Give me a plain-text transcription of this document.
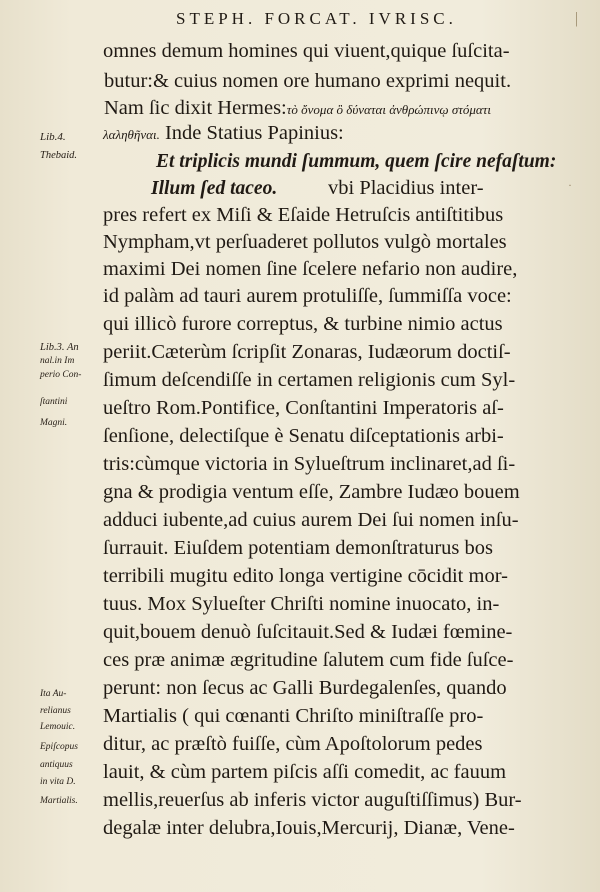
STEPH. FORCAT. IVRISC.
omnes demum homines qui viuent,quique ſuſcita-
butur:& cuius nomen ore humano exprimi nequit.
Nam ſic dixit Hermes:τὸ ὄνομα ὃ δύναται ἀνθρώπινῳ στόματι
λαληθῆναι. Inde Statius Papinius:
Et triplicis mundi ſummum, quem ſcire nefaſtum:
Illum ſed taceo. vbi Placidius inter-
pres refert ex Miſi & Eſaide Hetruſcis antiſtitibus
Nympham,vt perſuaderet pollutos vulgò mortales
maximi Dei nomen ſine ſcelere nefario non audire,
id palàm ad tauri aurem protuliſſe, ſummiſſa voce:
qui illicò furore correptus, & turbine nimio actus
periit.Cæterùm ſcripſit Zonaras, Iudæorum doctiſ-
ſimum deſcendiſſe in certamen religionis cum Syl-
ueſtro Rom.Pontifice, Conſtantini Imperatoris aſ-
ſenſione, delectiſque è Senatu diſceptationis arbi-
tris:cùmque victoria in Sylueſtrum inclinaret,ad ſi-
gna & prodigia ventum eſſe, Zambre Iudæo bouem
adduci iubente,ad cuius aurem Dei ſui nomen inſu-
ſurrauit. Eiuſdem potentiam demonſtraturus bos
terribili mugitu edito longa vertigine cōcidit mor-
tuus. Mox Sylueſter Chriſti nomine inuocato, in-
quit,bouem denuò ſuſcitauit.Sed & Iudæi fœmine-
ces præ animæ ægritudine ſalutem cum fide ſuſce-
perunt: non ſecus ac Galli Burdegalenſes, quando
Martialis ( qui cœnanti Chriſto miniſtraſſe pro-
ditur, ac præſtò fuiſſe, cùm Apoſtolorum pedes
lauit, & cùm partem piſcis aſſi comedit, ac fauum
mellis,reuerſus ab inferis victor auguſtiſſimus) Bur-
degalæ inter delubra,Iouis,Mercurij, Dianæ, Vene-
Lib.4.
Thebaid.
Lib.3. An
nal.in Im
perio Con-
ſtantini
Magni.
Ita Au-
relianus
Lemouic.
Epiſcopus
antiquus
in vita D.
Martialis.
|
·
